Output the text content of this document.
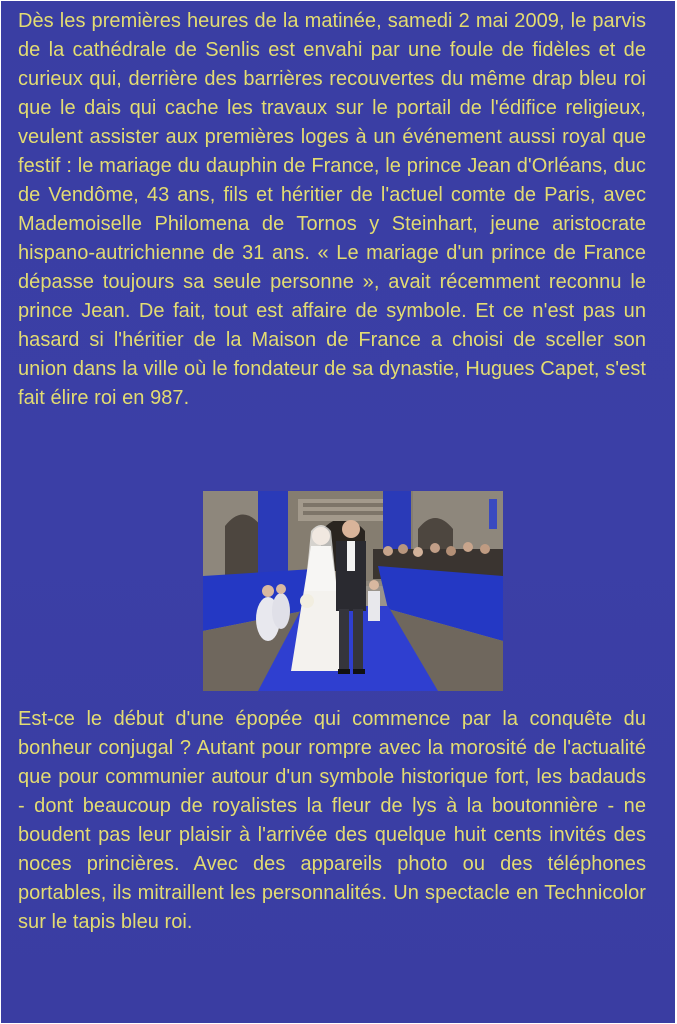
Dès les premières heures de la matinée, samedi 2 mai 2009, le parvis de la cathédrale de Senlis est envahi par une foule de fidèles et de curieux qui, derrière des barrières recouvertes du même drap bleu roi que le dais qui cache les travaux sur le portail de l'édifice religieux, veulent assister aux premières loges à un événement aussi royal que festif : le mariage du dauphin de France, le prince Jean d'Orléans, duc de Vendôme, 43 ans, fils et héritier de l'actuel comte de Paris, avec Mademoiselle Philomena de Tornos y Steinhart, jeune aristocrate hispano-autrichienne de 31 ans. « Le mariage d'un prince de France dépasse toujours sa seule personne », avait récemment reconnu le prince Jean. De fait, tout est affaire de symbole. Et ce n'est pas un hasard si l'héritier de la Maison de France a choisi de sceller son union dans la ville où le fondateur de sa dynastie, Hugues Capet, s'est fait élire roi en 987.

Est-ce le début d'une épopée qui commence par la conquête du bonheur conjugal ? Autant pour rompre avec la morosité de l'actualité que pour communier autour d'un symbole historique fort, les badauds - dont beaucoup de royalistes la fleur de lys à la boutonnière - ne boudent pas leur plaisir à l'arrivée des quelque huit cents invités des noces princières. Avec des appareils photo ou des téléphones portables, ils mitraillent les personnalités. Un spectacle en Technicolor sur le tapis bleu roi.
